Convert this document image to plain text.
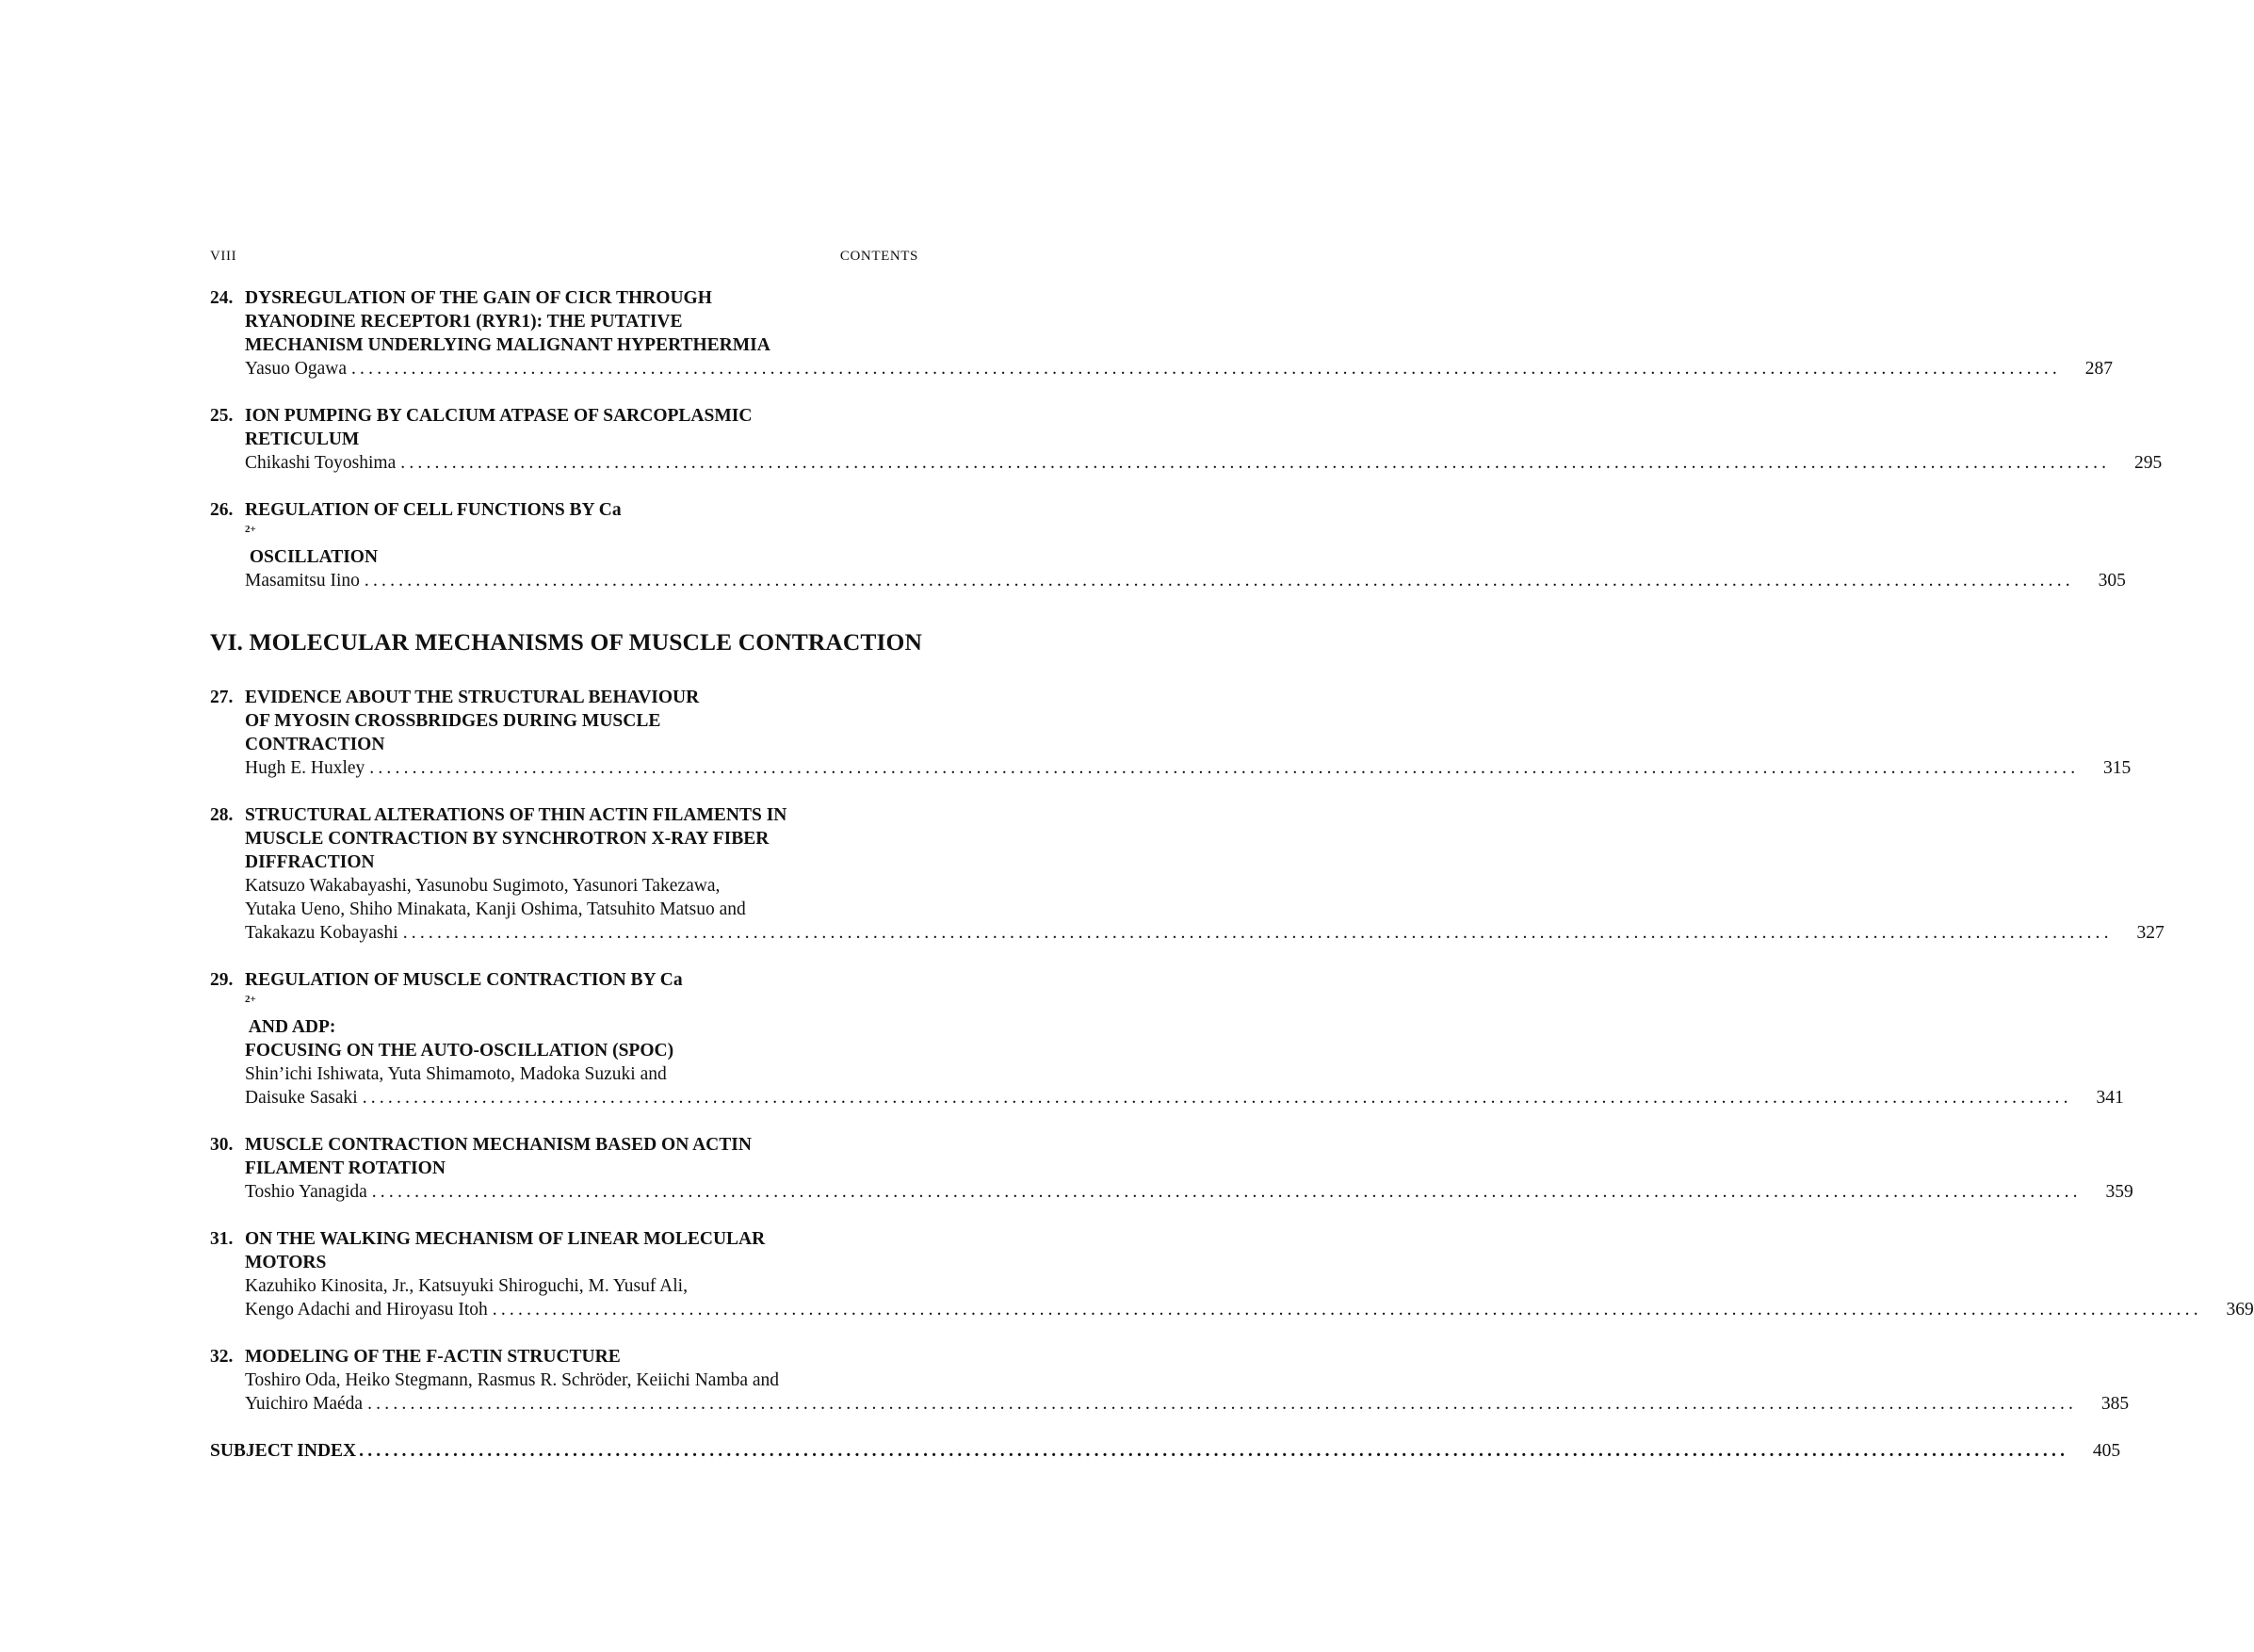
VIII	CONTENTS
24. DYSREGULATION OF THE GAIN OF CICR THROUGH
RYANODINE RECEPTOR1 (RYR1): THE PUTATIVE
MECHANISM UNDERLYING MALIGNANT HYPERTHERMIA
Yasuo Ogawa ........................................................................................................................................................................................................ 287
25. ION PUMPING BY CALCIUM ATPASE OF SARCOPLASMIC
RETICULUM
Chikashi Toyoshima ........................................................................................................................................................................................................ 295
26. REGULATION OF CELL FUNCTIONS BY Ca
$^{2+}$
OSCILLATION
Masamitsu Iino ........................................................................................................................................................................................................ 305
VI. MOLECULAR MECHANISMS OF MUSCLE CONTRACTION
27. EVIDENCE ABOUT THE STRUCTURAL BEHAVIOUR
OF MYOSIN CROSSBRIDGES DURING MUSCLE
CONTRACTION
Hugh E. Huxley ........................................................................................................................................................................................................ 315
28. STRUCTURAL ALTERATIONS OF THIN ACTIN FILAMENTS IN
MUSCLE CONTRACTION BY SYNCHROTRON X-RAY FIBER
DIFFRACTION
Katsuzo Wakabayashi, Yasunobu Sugimoto, Yasunori Takezawa,
Yutaka Ueno, Shiho Minakata, Kanji Oshima, Tatsuhito Matsuo and
Takakazu Kobayashi ........................................................................................................................................................................................................ 327
29. REGULATION OF MUSCLE CONTRACTION BY Ca
$^{2+}$
AND ADP:
FOCUSING ON THE AUTO-OSCILLATION (SPOC)
Shin’ichi Ishiwata, Yuta Shimamoto, Madoka Suzuki and
Daisuke Sasaki ........................................................................................................................................................................................................ 341
30. MUSCLE CONTRACTION MECHANISM BASED ON ACTIN
FILAMENT ROTATION
Toshio Yanagida ........................................................................................................................................................................................................ 359
31. ON THE WALKING MECHANISM OF LINEAR MOLECULAR
MOTORS
Kazuhiko Kinosita, Jr., Katsuyuki Shiroguchi, M. Yusuf Ali,
Kengo Adachi and Hiroyasu Itoh ........................................................................................................................................................................................................ 369
32. MODELING OF THE F-ACTIN STRUCTURE
Toshiro Oda, Heiko Stegmann, Rasmus R. Schröder, Keiichi Namba and
Yuichiro Maéda ........................................................................................................................................................................................................ 385
SUBJECT INDEX ........................................................................................................................................................................................................ 405
